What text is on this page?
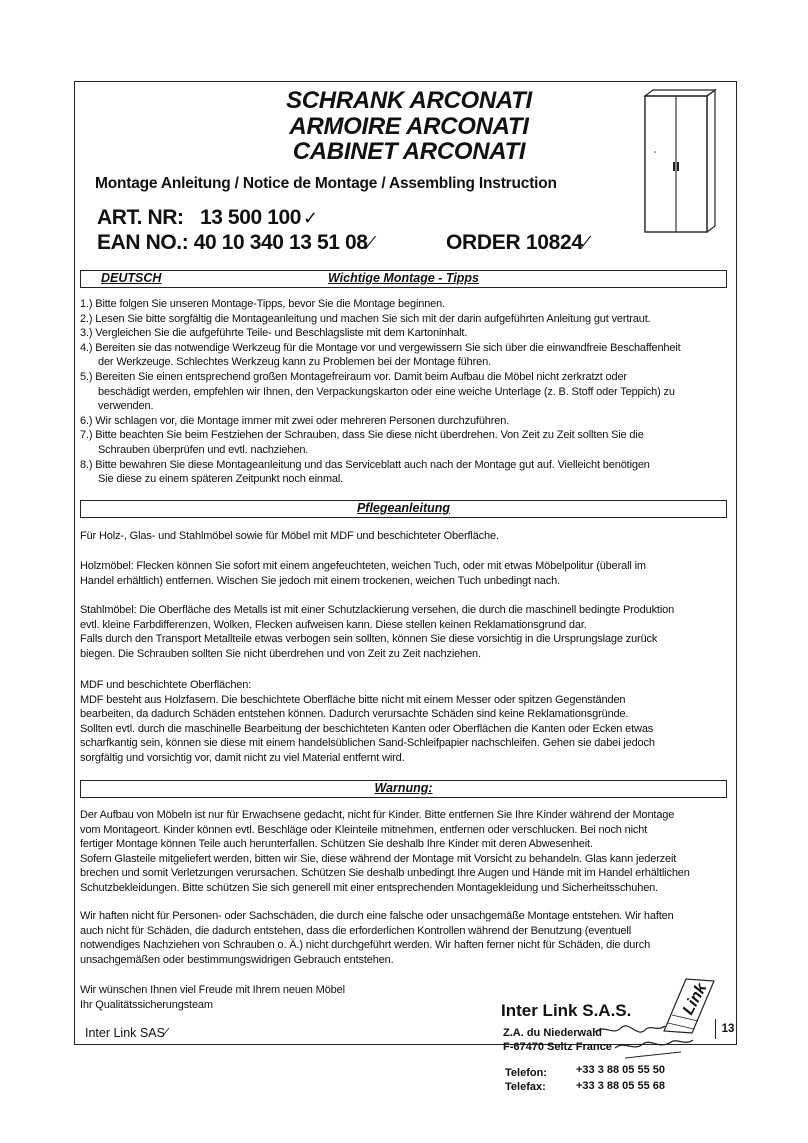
SCHRANK ARCONATI
ARMOIRE ARCONATI
CABINET ARCONATI
Montage Anleitung / Notice de Montage / Assembling Instruction
ART. NR: 13 500 100 ✓
EAN NO.: 40 10 340 13 51 08 ⁄	ORDER 10824 ⁄
DEUTSCH	Wichtige Montage - Tipps
1.) Bitte folgen Sie unseren Montage-Tipps, bevor Sie die Montage beginnen.
2.) Lesen Sie bitte sorgfältig die Montageanleitung und machen Sie sich mit der darin aufgeführten Anleitung gut vertraut.
3.) Vergleichen Sie die aufgeführte Teile- und Beschlagsliste mit dem Kartoninhalt.
4.) Bereiten sie das notwendige Werkzeug für die Montage vor und vergewissern Sie sich über die einwandfreie Beschaffenheit
der Werkzeuge. Schlechtes Werkzeug kann zu Problemen bei der Montage führen.
5.) Bereiten Sie einen entsprechend großen Montagefreiraum vor. Damit beim Aufbau die Möbel nicht zerkratzt oder
beschädigt werden, empfehlen wir Ihnen, den Verpackungskarton oder eine weiche Unterlage (z. B. Stoff oder Teppich) zu
verwenden.
6.) Wir schlagen vor, die Montage immer mit zwei oder mehreren Personen durchzuführen.
7.) Bitte beachten Sie beim Festziehen der Schrauben, dass Sie diese nicht überdrehen. Von Zeit zu Zeit sollten Sie die
Schrauben überprüfen und evtl. nachziehen.
8.) Bitte bewahren Sie diese Montageanleitung und das Serviceblatt auch nach der Montage gut auf. Vielleicht benötigen
Sie diese zu einem späteren Zeitpunkt noch einmal.
Pflegeanleitung
Für Holz-, Glas- und Stahlmöbel sowie für Möbel mit MDF und beschichteter Oberfläche.
Holzmöbel: Flecken können Sie sofort mit einem angefeuchteten, weichen Tuch, oder mit etwas Möbelpolitur (überall im
Handel erhältlich) entfernen. Wischen Sie jedoch mit einem trockenen, weichen Tuch unbedingt nach.
Stahlmöbel: Die Oberfläche des Metalls ist mit einer Schutzlackierung versehen, die durch die maschinell bedingte Produktion
evtl. kleine Farbdifferenzen, Wolken, Flecken aufweisen kann. Diese stellen keinen Reklamationsgrund dar.
Falls durch den Transport Metallteile etwas verbogen sein sollten, können Sie diese vorsichtig in die Ursprungslage zurück
biegen. Die Schrauben sollten Sie nicht überdrehen und von Zeit zu Zeit nachziehen.
MDF und beschichtete Oberflächen:
MDF besteht aus Holzfasern. Die beschichtete Oberfläche bitte nicht mit einem Messer oder spitzen Gegenständen
bearbeiten, da dadurch Schäden entstehen können. Dadurch verursachte Schäden sind keine Reklamationsgründe.
Sollten evtl. durch die maschinelle Bearbeitung der beschichteten Kanten oder Oberflächen die Kanten oder Ecken etwas
scharfkantig sein, können sie diese mit einem handelsüblichen Sand-Schleifpapier nachschleifen. Gehen sie dabei jedoch
sorgfältig und vorsichtig vor, damit nicht zu viel Material entfernt wird.
Warnung:
Der Aufbau von Möbeln ist nur für Erwachsene gedacht, nicht für Kinder. Bitte entfernen Sie Ihre Kinder während der Montage
vom Montageort. Kinder können evtl. Beschläge oder Kleinteile mitnehmen, entfernen oder verschlucken. Bei noch nicht
fertiger Montage können Teile auch herunterfallen. Schützen Sie deshalb Ihre Kinder mit deren Abwesenheit.
Sofern Glasteile mitgeliefert werden, bitten wir Sie, diese während der Montage mit Vorsicht zu behandeln. Glas kann jederzeit
brechen und somit Verletzungen verursachen. Schützen Sie deshalb unbedingt Ihre Augen und Hände mit im Handel erhältlichen
Schutzbekleidungen. Bitte schützen Sie sich generell mit einer entsprechenden Montagekleidung und Sicherheitsschuhen.
Wir haften nicht für Personen- oder Sachschäden, die durch eine falsche oder unsachgemäße Montage entstehen. Wir haften
auch nicht für Schäden, die dadurch entstehen, dass die erforderlichen Kontrollen während der Benutzung (eventuell
notwendiges Nachziehen von Schrauben o. Ä.) nicht durchgeführt werden. Wir haften ferner nicht für Schäden, die durch
unsachgemäßen oder bestimmungswidrigen Gebrauch entstehen.
Wir wünschen Ihnen viel Freude mit Ihrem neuen Möbel
Ihr Qualitätssicherungsteam
Inter Link SAS⁄
Inter Link S.A.S.
Z.A. du Niederwald
F-67470 Seltz France
Telefon:	+33 3 88 05 55 50
Telefax:	+33 3 88 05 55 68
Link
13
